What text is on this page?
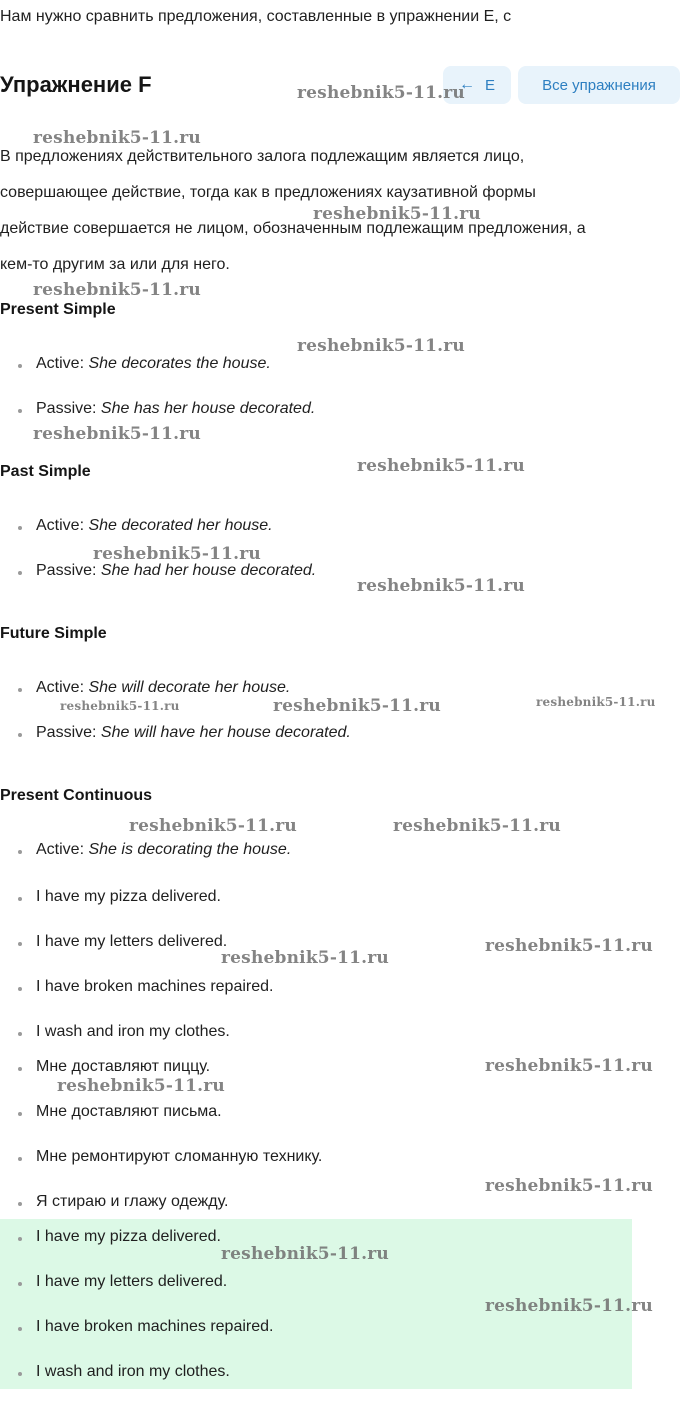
Нам нужно сравнить предложения, составленные в упражнении E, с
Упражнение F	← E	Все упражнения
В предложениях действительного залога подлежащим является лицо,
совершающее действие, тогда как в предложениях каузативной формы
действие совершается не лицом, обозначенным подлежащим предложения, а
кем-то другим за или для него.
Present Simple
Active: She decorates the house.
Passive: She has her house decorated.
Past Simple
Active: She decorated her house.
Passive: She had her house decorated.
Future Simple
Active: She will decorate her house.
Passive: She will have her house decorated.
Present Continuous
Active: She is decorating the house.
I have my pizza delivered.
I have my letters delivered.
I have broken machines repaired.
I wash and iron my clothes.
Мне доставляют пиццу.
Мне доставляют письма.
Мне ремонтируют сломанную технику.
Я стираю и глажу одежду.
I have my pizza delivered.
I have my letters delivered.
I have broken machines repaired.
I wash and iron my clothes.
reshebnik5-11.ru
reshebnik5-11.ru
reshebnik5-11.ru
reshebnik5-11.ru
reshebnik5-11.ru
reshebnik5-11.ru
reshebnik5-11.ru
reshebnik5-11.ru
reshebnik5-11.ru
reshebnik5-11.ru	reshebnik5-11.ru	reshebnik5-11.ru
reshebnik5-11.ru	reshebnik5-11.ru
reshebnik5-11.ru
reshebnik5-11.ru
reshebnik5-11.ru
reshebnik5-11.ru
reshebnik5-11.ru
reshebnik5-11.ru
reshebnik5-11.ru
